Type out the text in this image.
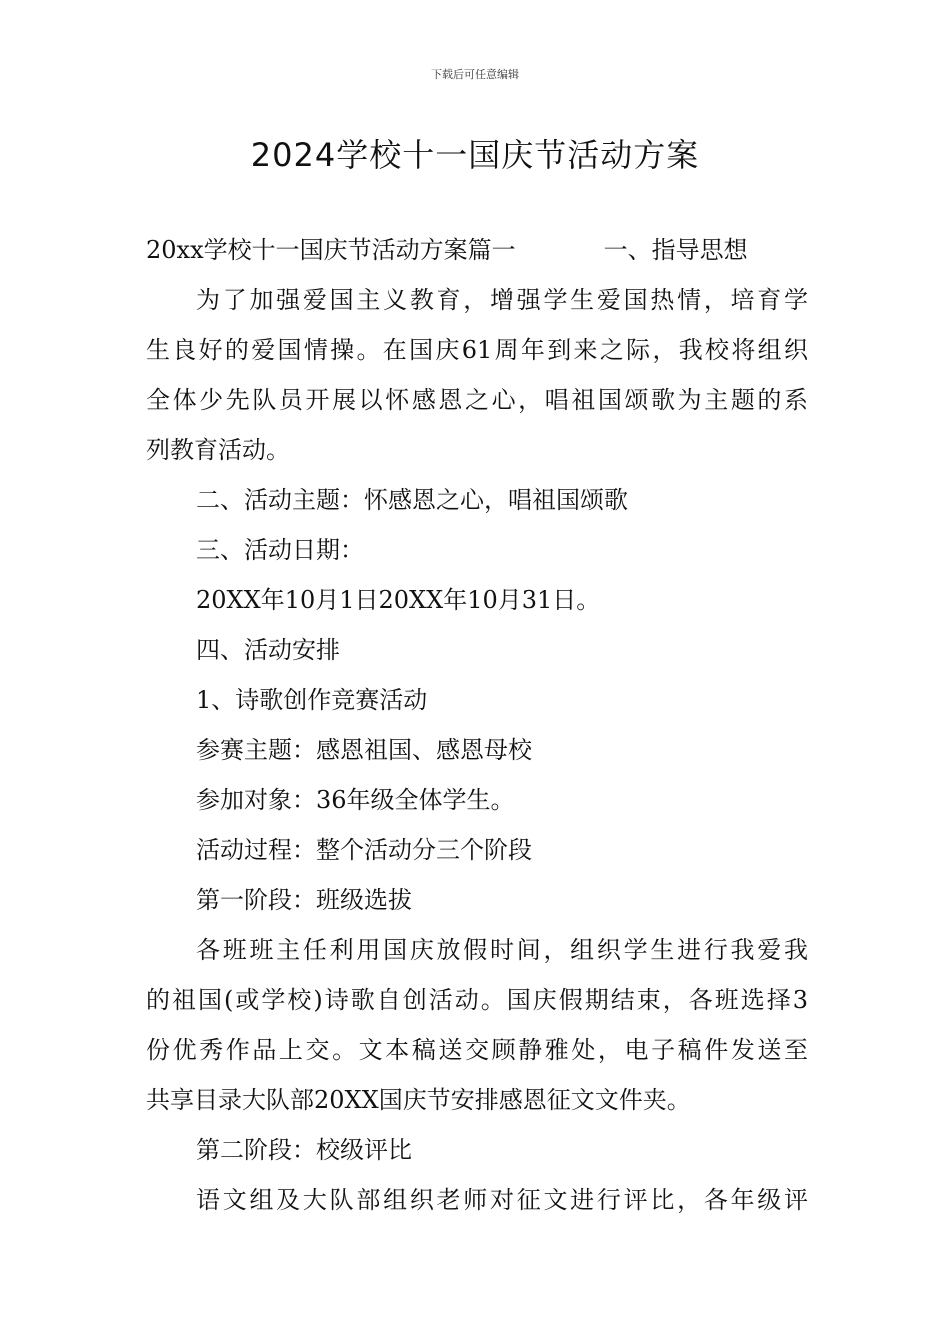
下载后可任意编辑
2024学校十一国庆节活动方案
20xx学校十一国庆节活动方案篇一	一、指导思想
为了加强爱国主义教育，增强学生爱国热情，培育学
生良好的爱国情操。在国庆61周年到来之际，我校将组织
全体少先队员开展以怀感恩之心，唱祖国颂歌为主题的系
列教育活动。
二、活动主题：怀感恩之心，唱祖国颂歌
三、活动日期：
20XX年10月1日20XX年10月31日。
四、活动安排
1、诗歌创作竞赛活动
参赛主题：感恩祖国、感恩母校
参加对象：36年级全体学生。
活动过程：整个活动分三个阶段
第一阶段：班级选拔
各班班主任利用国庆放假时间，组织学生进行我爱我
的祖国(或学校)诗歌自创活动。国庆假期结束，各班选择3
份优秀作品上交。文本稿送交顾静雅处，电子稿件发送至
共享目录大队部20XX国庆节安排感恩征文文件夹。
第二阶段：校级评比
语文组及大队部组织老师对征文进行评比，各年级评
